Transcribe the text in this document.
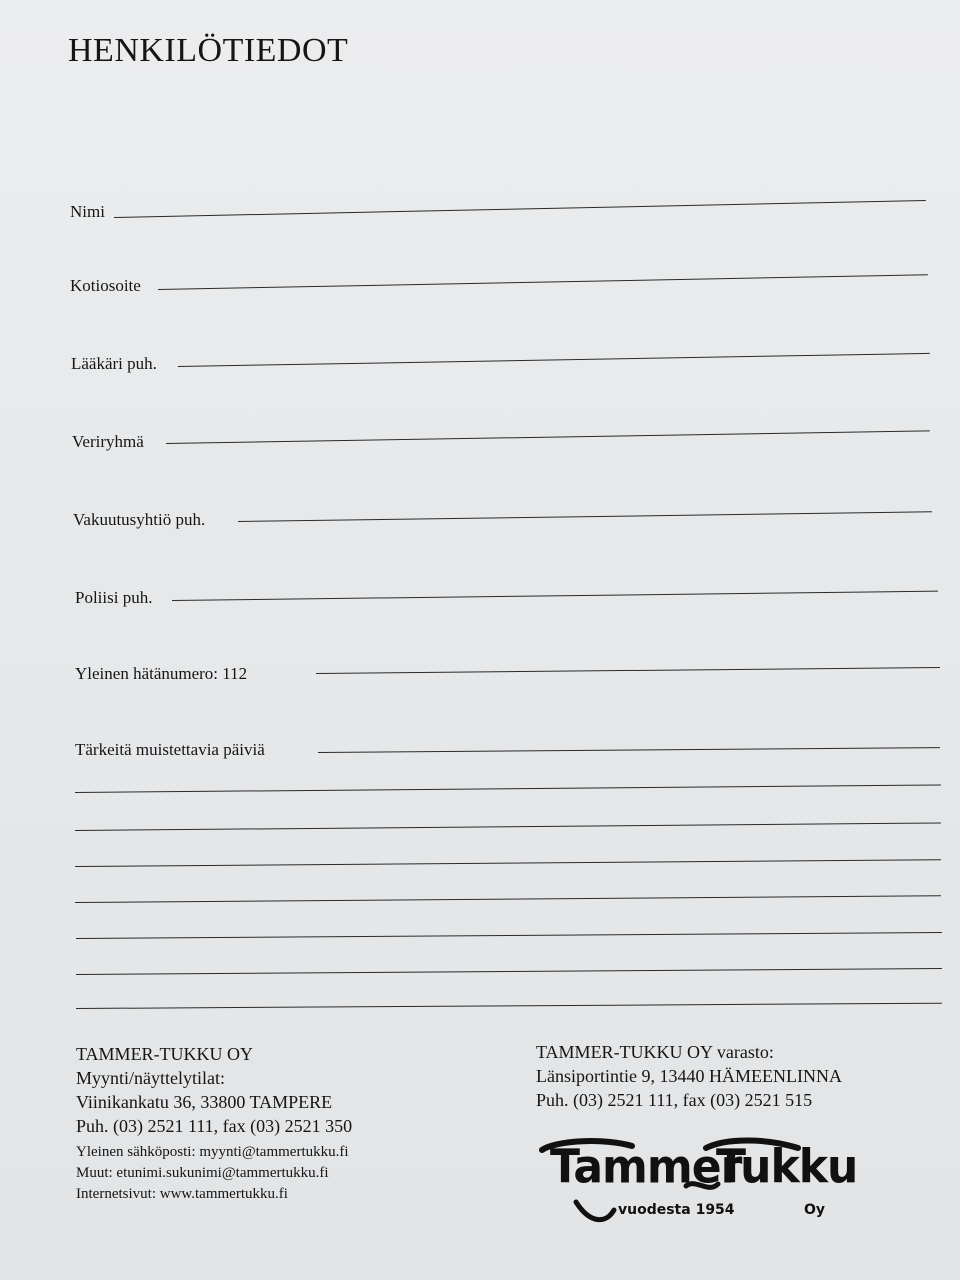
HENKILÖTIEDOT
Nimi
Kotiosoite
Lääkäri puh.
Veriryhmä
Vakuutusyhtiö puh.
Poliisi puh.
Yleinen hätänumero: 112
Tärkeitä muistettavia päiviä
TAMMER-TUKKU OY
Myynti/näyttelytilat:
Viinikankatu 36, 33800 TAMPERE
Puh. (03) 2521 111, fax (03) 2521 350
Yleinen sähköposti: myynti@tammertukku.fi
Muut: etunimi.sukunimi@tammertukku.fi
Internetsivut: www.tammertukku.fi
TAMMER-TUKKU OY varasto:
Länsiportintie 9, 13440 HÄMEENLINNA
Puh. (03) 2521 111, fax (03) 2521 515
Tammer
Tukku
vuodesta 1954	Oy
